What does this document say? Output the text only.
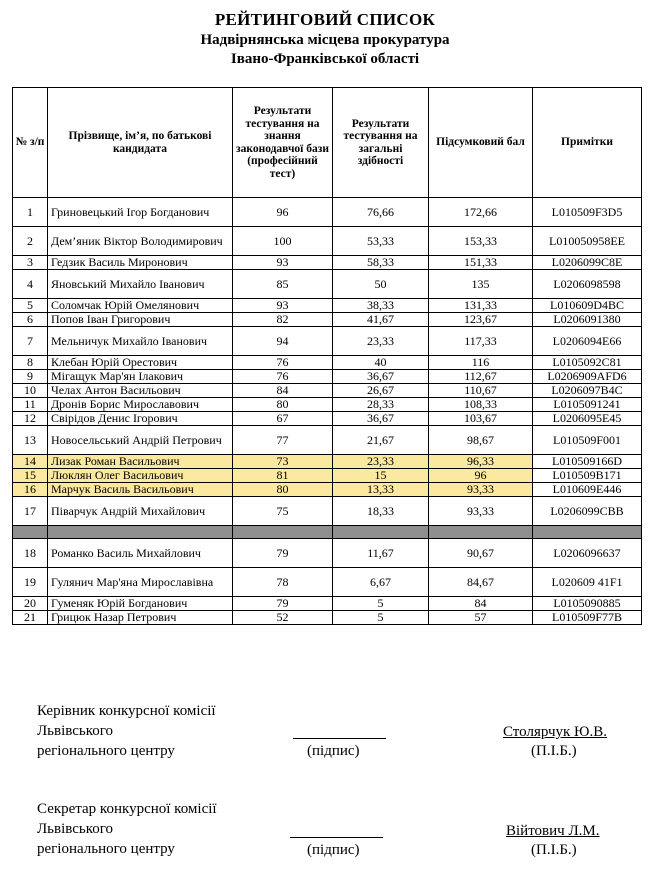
РЕЙТИНГОВИЙ СПИСОК
Надвірнянська місцева прокуратура
Івано-Франківської області
№ з/п	Прізвище, ім’я, по батькові кандидата	Результати тестування на знання законодавчої бази (професійний тест)	Результати тестування на загальні здібності	Підсумковий бал	Примітки
1	Гриновецький Ігор Богданович	96	76,66	172,66	L010509F3D5
2	Дем’яник Віктор Володимирович	100	53,33	153,33	L010050958EE
3	Гедзик Василь Миронович	93	58,33	151,33	L0206099C8E
4	Яновський Михайло Іванович	85	50	135	L0206098598
5	Соломчак Юрій Омелянович	93	38,33	131,33	L010609D4BC
6	Попов Іван Григорович	82	41,67	123,67	L0206091380
7	Мельничук Михайло Іванович	94	23,33	117,33	L0206094E66
8	Клебан Юрій Орестович	76	40	116	L0105092C81
9	Мігащук Мар'ян Ілакович	76	36,67	112,67	L0206909AFD6
10	Челах Антон Васильович	84	26,67	110,67	L0206097B4C
11	Дронів Борис Мирославович	80	28,33	108,33	L0105091241
12	Свірідов Денис Ігорович	67	36,67	103,67	L0206095E45
13	Новосельський Андрій Петрович	77	21,67	98,67	L010509F001
14	Лизак Роман Васильович	73	23,33	96,33	L010509166D
15	Люклян Олег Васильович	81	15	96	L010509B171
16	Марчук Василь Васильович	80	13,33	93,33	L010609E446
17	Піварчук Андрій Михайлович	75	18,33	93,33	L0206099CBB

18	Романко Василь Михайлович	79	11,67	90,67	L0206096637
19	Гулянич Мар'яна Мирославівна	78	6,67	84,67	L020609 41F1
20	Гуменяк Юрій Богданович	79	5	84	L0105090885
21	Грицюк Назар Петрович	52	5	57	L010509F77B
Керівник конкурсної комісії
Львівського
регіонального центру	(підпис)
Столярчук Ю.В.
(П.І.Б.)
Секретар конкурсної комісії
Львівського
регіонального центру	(підпис)
Війтович Л.М.
(П.І.Б.)
